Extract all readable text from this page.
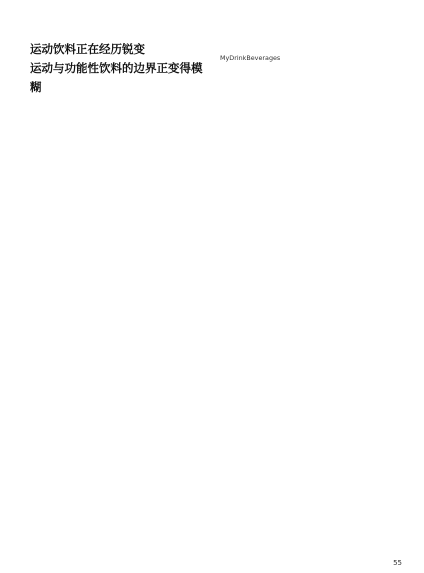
运动饮料正在经历锐变
运动与功能性饮料的边界正变得模糊

MyDrinkBeverages
55
